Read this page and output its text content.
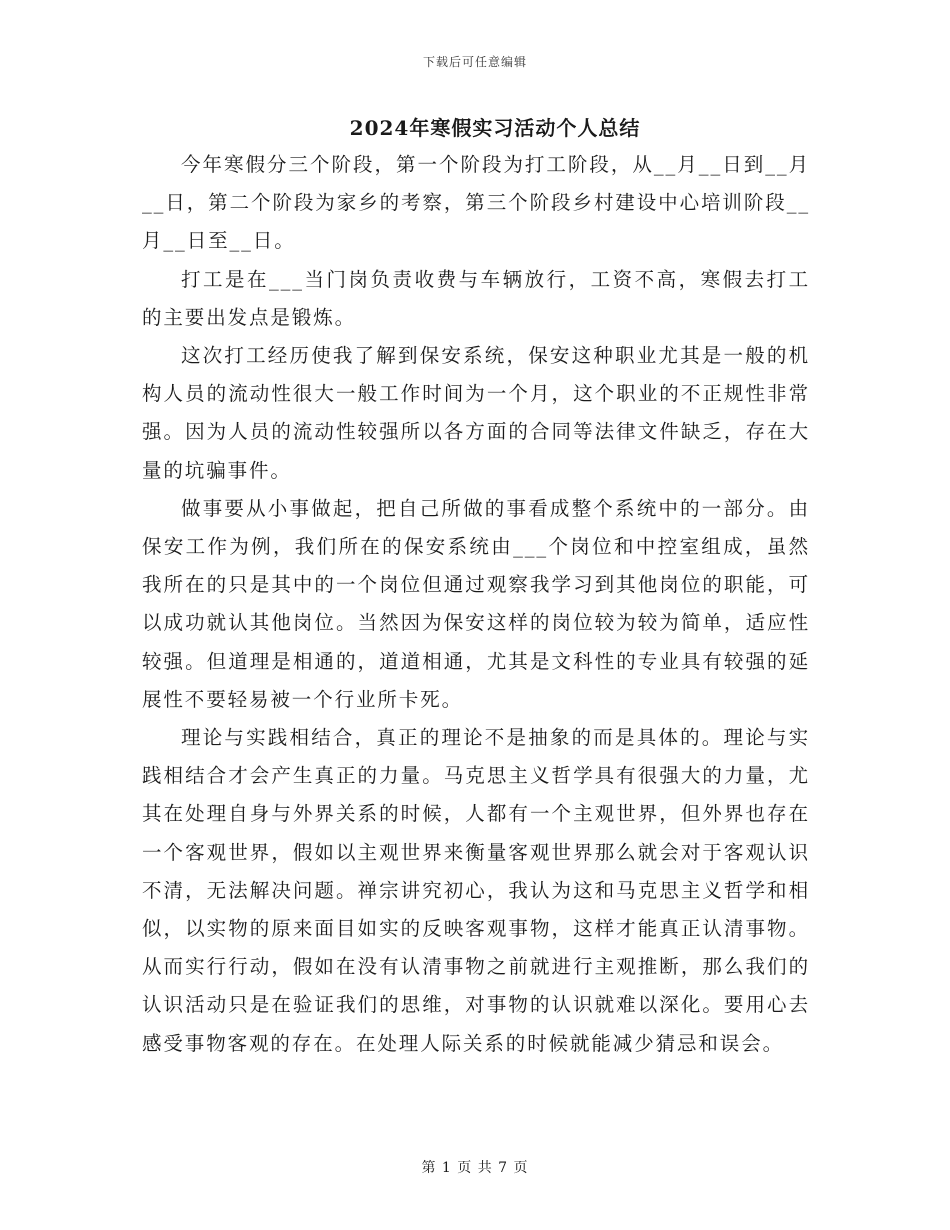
下载后可任意编辑
2024年寒假实习活动个人总结

今年寒假分三个阶段，第一个阶段为打工阶段，从__月__日到__月__日，第二个阶段为家乡的考察，第三个阶段乡村建设中心培训阶段__月__日至__日。

打工是在___当门岗负责收费与车辆放行，工资不高，寒假去打工的主要出发点是锻炼。

这次打工经历使我了解到保安系统，保安这种职业尤其是一般的机构人员的流动性很大一般工作时间为一个月，这个职业的不正规性非常强。因为人员的流动性较强所以各方面的合同等法律文件缺乏，存在大量的坑骗事件。

做事要从小事做起，把自己所做的事看成整个系统中的一部分。由保安工作为例，我们所在的保安系统由___个岗位和中控室组成，虽然我所在的只是其中的一个岗位但通过观察我学习到其他岗位的职能，可以成功就认其他岗位。当然因为保安这样的岗位较为较为简单，适应性较强。但道理是相通的，道道相通，尤其是文科性的专业具有较强的延展性不要轻易被一个行业所卡死。

理论与实践相结合，真正的理论不是抽象的而是具体的。理论与实践相结合才会产生真正的力量。马克思主义哲学具有很强大的力量，尤其在处理自身与外界关系的时候，人都有一个主观世界，但外界也存在一个客观世界，假如以主观世界来衡量客观世界那么就会对于客观认识不清，无法解决问题。禅宗讲究初心，我认为这和马克思主义哲学和相似，以实物的原来面目如实的反映客观事物，这样才能真正认清事物。从而实行行动，假如在没有认清事物之前就进行主观推断，那么我们的认识活动只是在验证我们的思维，对事物的认识就难以深化。要用心去感受事物客观的存在。在处理人际关系的时候就能减少猜忌和误会。

第 1 页 共 7 页
